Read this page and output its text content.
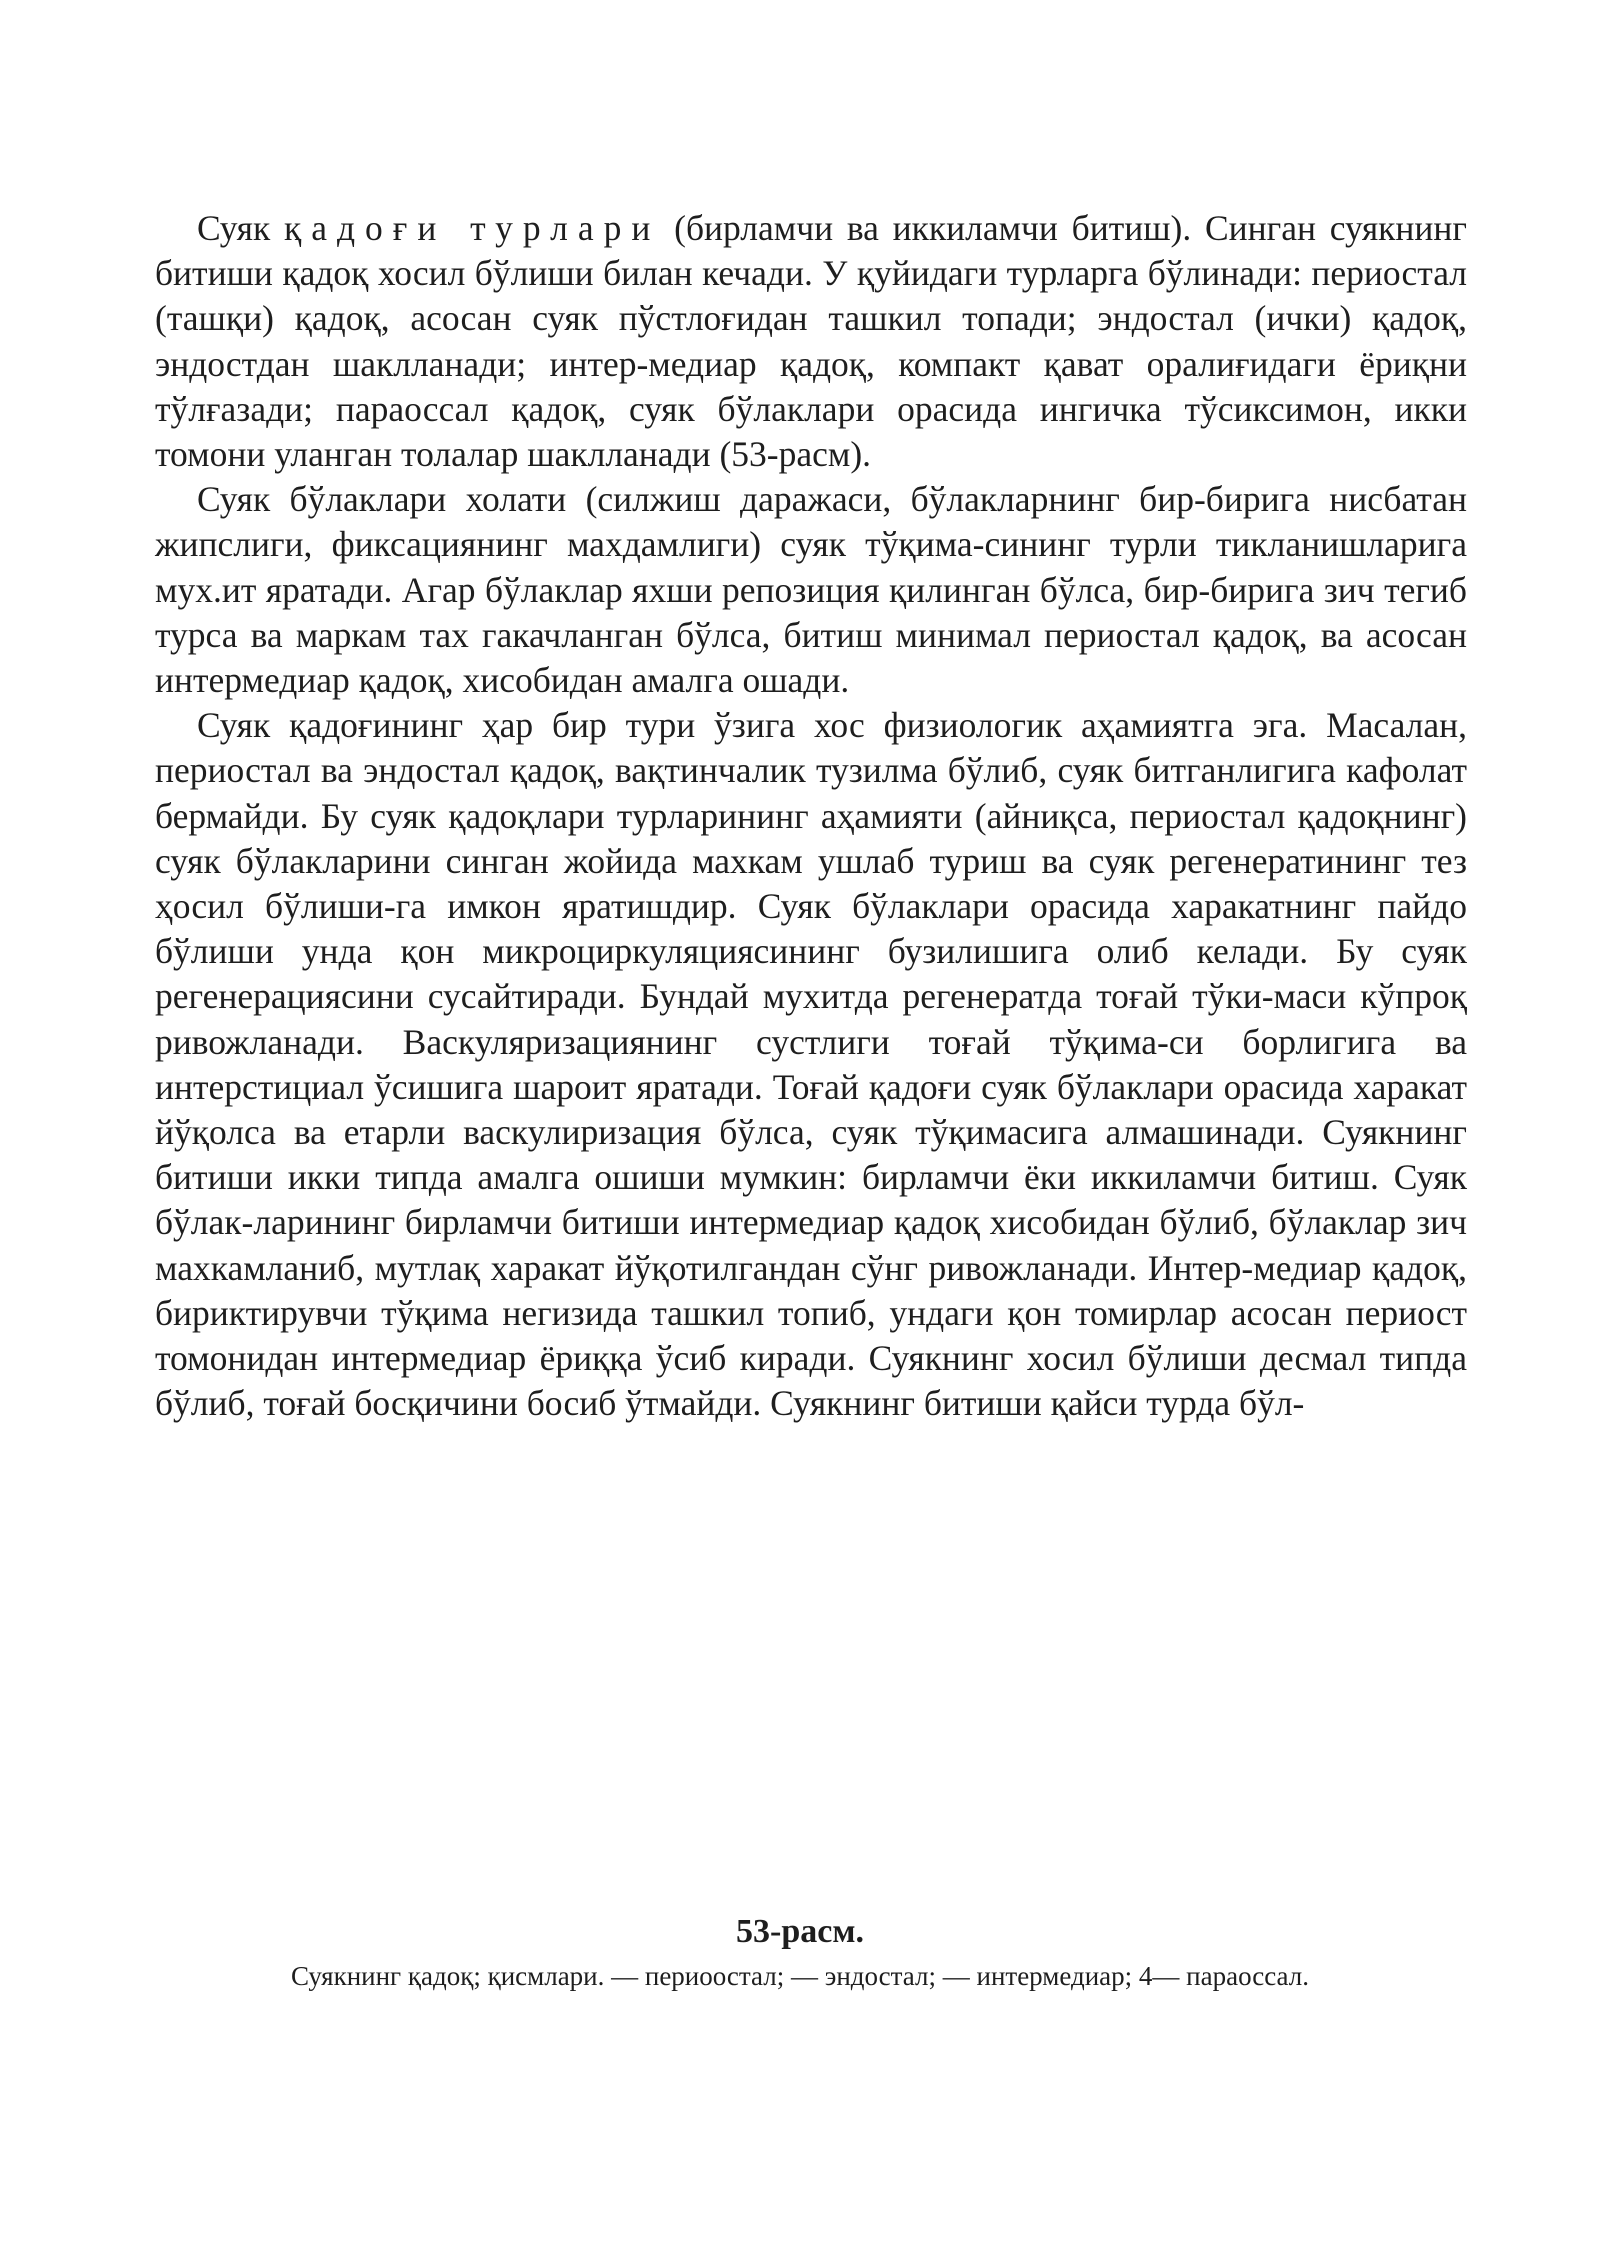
Суяк қадоғи турлари (бирламчи ва иккиламчи битиш). Синган суякнинг битиши қадоқ хосил бўлиши билан кечади. У қуйидаги турларга бўлинади: периостал (ташқи) қадоқ, асосан суяк пўстлоғидан ташкил топади; эндостал (ички) қадоқ, эндостдан шаклланади; интер-медиар қадоқ, компакт қават оралиғидаги ёриқни тўлғазади; параоссал қадоқ, суяк бўлаклари орасида ингичка тўсиксимон, икки томони уланган толалар шаклланади (53-расм).

Суяк бўлаклари холати (силжиш даражаси, бўлакларнинг бир-бирига нисбатан жипслиги, фиксациянинг махдамлиги) суяк тўқима-сининг турли тикланишларига мух.ит яратади. Агар бўлаклар яхши репозиция қилинган бўлса, бир-бирига зич тегиб турса ва маркам тах гакачланган бўлса, битиш минимал периостал қадоқ, ва асосан интермедиар қадоқ, хисобидан амалга ошади.

Суяк қадоғининг ҳар бир тури ўзига хос физиологик аҳамиятга эга. Масалан, периостал ва эндостал қадоқ, вақтинчалик тузилма бўлиб, суяк битганлигига кафолат бермайди. Бу суяк қадоқлари турларининг аҳамияти (айниқса, периостал қадоқнинг) суяк бўлакларини синган жойида махкам ушлаб туриш ва суяк регенератининг тез ҳосил бўлиши-га имкон яратишдир. Суяк бўлаклари орасида харакатнинг пайдо бўлиши унда қон микроциркуляциясининг бузилишига олиб келади. Бу суяк регенерациясини сусайтиради. Бундай мухитда регенератда тоғай тўки-маси кўпроқ ривожланади. Васкуляризациянинг сустлиги тоғай тўқима-си борлигига ва интерстициал ўсишига шароит яратади. Тоғай қадоғи суяк бўлаклари орасида харакат йўқолса ва етарли васкулиризация бўлса, суяк тўқимасига алмашинади. Суякнинг битиши икки типда амалга ошиши мумкин: бирламчи ёки иккиламчи битиш. Суяк бўлак-ларининг бирламчи битиши интермедиар қадоқ хисобидан бўлиб, бўлаклар зич махкамланиб, мутлақ харакат йўқотилгандан сўнг ривожланади. Интер-медиар қадоқ, бириктирувчи тўқима негизида ташкил топиб, ундаги қон томирлар асосан периост томонидан интермедиар ёриққа ўсиб киради. Суякнинг хосил бўлиши десмал типда бўлиб, тоғай босқичини босиб ўтмайди. Суякнинг битиши қайси турда бўл-

53-расм.

Суякнинг қадоқ; қисмлари. — периоостал; — эндостал; — интермедиар; 4— параоссал.
